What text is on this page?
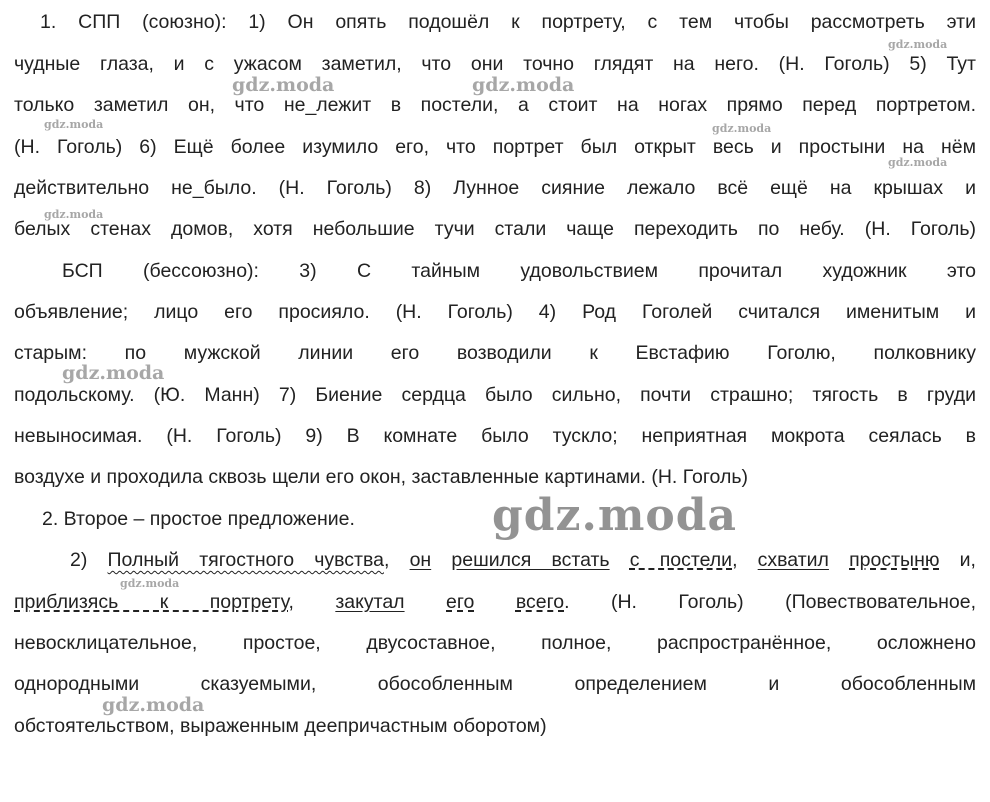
1. СПП (союзно): 1) Он опять подошёл к портрету, с тем чтобы рассмотреть эти
чудные глаза, и с ужасом заметил, что они точно глядят на него. (Н. Гоголь) 5) Тут
только заметил он, что не_лежит в постели, а стоит на ногах прямо перед портретом.
(Н. Гоголь) 6) Ещё более изумило его, что портрет был открыт весь и простыни на нём
действительно не_было. (Н. Гоголь) 8) Лунное сияние лежало всё ещё на крышах и
белых стенах домов, хотя небольшие тучи стали чаще переходить по небу. (Н. Гоголь)
БСП (бессоюзно): 3) С тайным удовольствием прочитал художник это
объявление; лицо его просияло. (Н. Гоголь) 4) Род Гоголей считался именитым и
старым: по мужской линии его возводили к Евстафию Гоголю, полковнику
подольскому. (Ю. Манн) 7) Биение сердца было сильно, почти страшно; тягость в груди
невыносимая. (Н. Гоголь) 9) В комнате было тускло; неприятная мокрота сеялась в
воздухе и проходила сквозь щели его окон, заставленные картинами. (Н. Гоголь)
2. Второе – простое предложение.
2) Полный тягостного чувства, он решился встать с постели, схватил простыню и,
приблизясь к портрету, закутал его всего. (Н. Гоголь) (Повествовательное,
невосклицательное, простое, двусоставное, полное, распространённое, осложнено
однородными сказуемыми, обособленным определением и обособленным
обстоятельством, выраженным деепричастным оборотом)
gdz.moda
gdz.moda	gdz.moda
gdz.moda	gdz.moda
gdz.moda
gdz.moda
gdz.moda
gdz.moda
gdz.moda
gdz.moda
